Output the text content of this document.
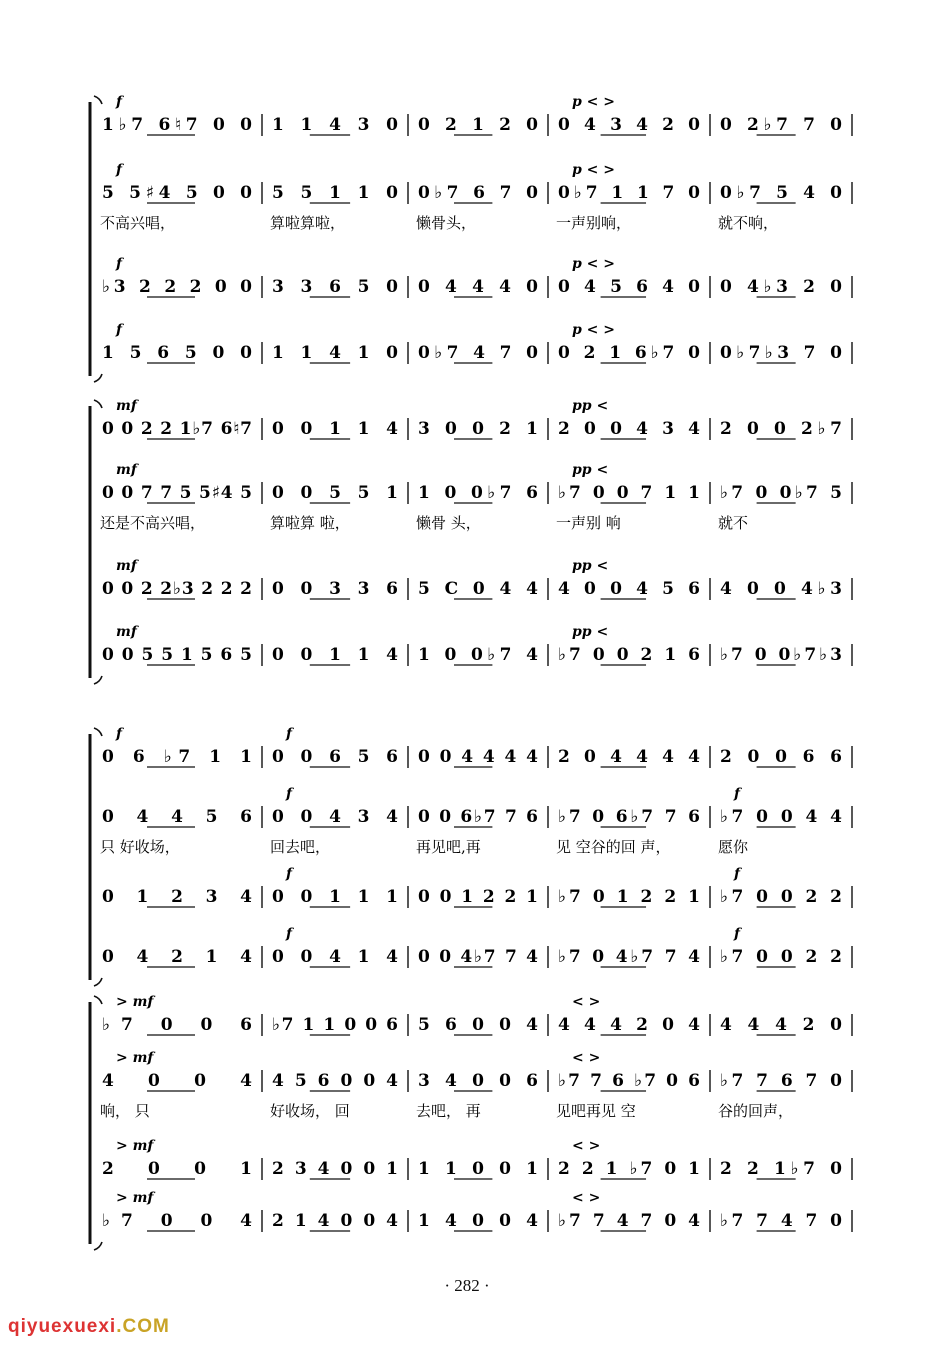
1♭7 6♮7 0 0 1 1 4 3 0 0 2 1 2 0 0 4 3 4 2 0 0 2♭7 7 0
f	p < >
5 5♯4 5 0 0 5 5 1 1 0 0♭7 6 7 0 0♭7 1 1 7 0 0♭7 5 4 0
f	p < >
不高兴唱，	算啦算啦，	懒骨头，	一声别响，	就不响，
♭3 2 2 2 0 0 3 3 6 5 0 0 4 4 4 0 0 4 5 6 4 0 0 4♭3 2 0
f	p < >
1 5 6 5 0 0 1 1 4 1 0 0♭7 4 7 0 0 2 1 6♭7 0 0♭7♭3 7 0
f	p < >
0 0 2 2 1♭7 6♮7 0 0 1 1 4 3 0 0 2 1 2 0 0 4 3 4 2 0 0 2♭7
mf	pp <
0 0 7 7 5 5♯4 5 0 0 5 5 1 1 0 0♭7 6 ♭7 0 0 7 1 1 ♭7 0 0♭7 5
mf	pp <
还是不高兴唱，	算啦算 啦，	懒骨 头，	一声别 响	就不
0 0 2 2♭3 2 2 2 0 0 3 3 6 5 C 0 4 4 4 0 0 4 5 6 4 0 0 4♭3
mf	pp <
0 0 5 5 1 5 6 5 0 0 1 1 4 1 0 0♭7 4 ♭7 0 0 2 1 6 ♭7 0 0♭7♭3
mf	pp <
0 6 ♭7 1 1 0 0 6 5 6 0 0 4 4 4 4 2 0 4 4 4 4 2 0 0 6 6
f	f
0 4 4 5 6 0 0 4 3 4 0 0 6♭7 7 6 ♭7 0 6♭7 7 6 ♭7 0 0 4 4
f	f
只 好收场，	回去吧，	再见吧,再	见 空谷的回 声，	愿你
0 1 2 3 4 0 0 1 1 1 0 0 1 2 2 1 ♭7 0 1 2 2 1 ♭7 0 0 2 2
f	f
0 4 2 1 4 0 0 4 1 4 0 0 4♭7 7 4 ♭7 0 4♭7 7 4 ♭7 0 0 2 2
f	f
♭7 0 0 6 ♭7 1 1 0 0 6 5 6 0 0 4 4 4 4 2 0 4 4 4 4 2 0
> mf	< >
4 0 0 4 4 5 6 0 0 4 3 4 0 0 6 ♭7 7 6 ♭7 0 6 ♭7 7 6 7 0
> mf	< >
响， 只	好收场， 回	去吧， 再	见吧再见 空	谷的回声，
2 0 0 1 2 3 4 0 0 1 1 1 0 0 1 2 2 1 ♭7 0 1 2 2 1♭7 0
> mf	< >
♭7 0 0 4 2 1 4 0 0 4 1 4 0 0 4 ♭7 7 4 7 0 4 ♭7 7 4 7 0
> mf	< >
· 282 ·
qiyuexuexi.COM
